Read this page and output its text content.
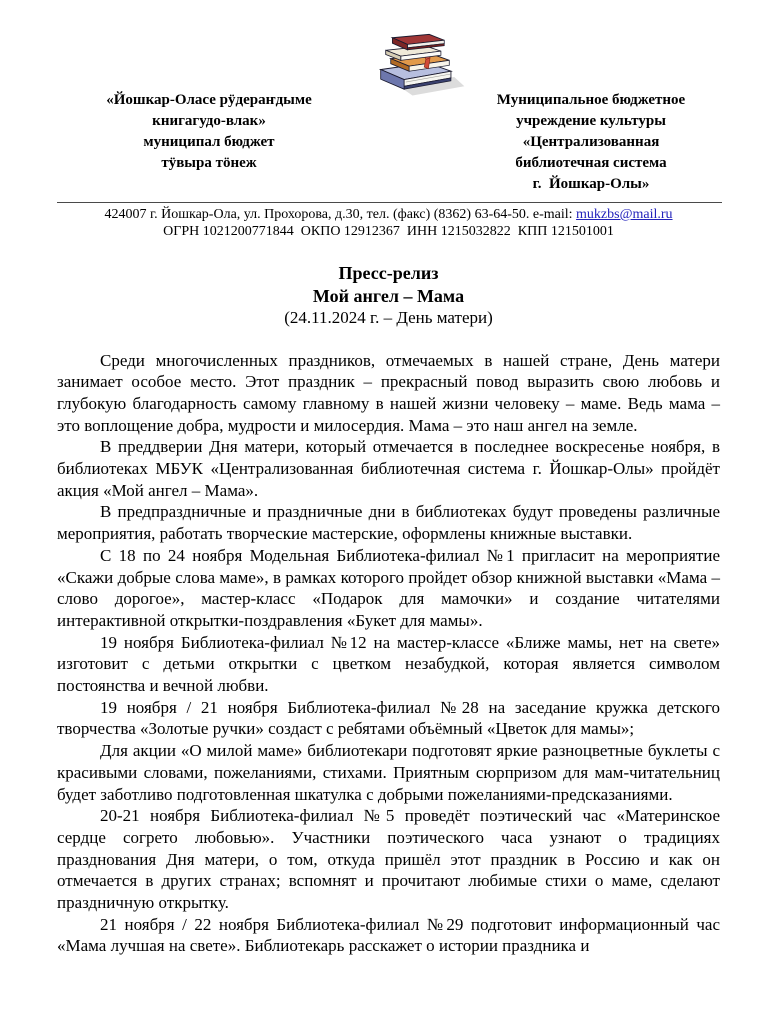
«Йошкар-Оласе рӱдераҥдыме
книгагудо-влак»
муниципал бюджет
тӱвыра тӧнеж
Муниципальное бюджетное
учреждение культуры
«Централизованная
библиотечная система
г.  Йошкар-Олы»
424007 г. Йошкар-Ола, ул. Прохорова, д.30, тел. (факс) (8362) 63-64-50. e-mail: mukzbs@mail.ru
ОГРН 1021200771844  ОКПО 12912367  ИНН 1215032822  КПП 121501001
Пресс-релиз
Мой ангел – Мама
(24.11.2024 г. – День матери)

Среди многочисленных праздников, отмечаемых в нашей стране, День матери занимает особое место. Этот праздник – прекрасный повод выразить свою любовь и глубокую благодарность самому главному в нашей жизни человеку – маме. Ведь мама – это воплощение добра, мудрости и милосердия. Мама – это наш ангел на земле.

В преддверии Дня матери, который отмечается в последнее воскресенье ноября, в библиотеках МБУК «Централизованная библиотечная система г. Йошкар-Олы» пройдёт акция «Мой ангел – Мама».

В предпраздничные и праздничные дни в библиотеках будут проведены различные мероприятия, работать творческие мастерские, оформлены книжные выставки.

С 18 по 24 ноября Модельная Библиотека-филиал №1 пригласит на мероприятие «Скажи добрые слова маме», в рамках которого пройдет обзор книжной выставки «Мама – слово дорогое», мастер-класс «Подарок для мамочки» и создание читателями интерактивной открытки-поздравления «Букет для мамы».

19 ноября Библиотека-филиал №12 на мастер-классе «Ближе мамы, нет на свете» изготовит с детьми открытки с цветком незабудкой, которая является символом постоянства и вечной любви.

19 ноября / 21 ноября Библиотека-филиал №28 на заседание кружка детского творчества «Золотые ручки» создаст с ребятами объёмный «Цветок для мамы»;

Для акции «О милой маме» библиотекари подготовят яркие разноцветные буклеты с красивыми словами, пожеланиями, стихами. Приятным сюрпризом для мам-читательниц будет заботливо подготовленная шкатулка с добрыми пожеланиями-предсказаниями.

20-21 ноября Библиотека-филиал №5 проведёт поэтический час «Материнское сердце согрето любовью». Участники поэтического часа узнают о традициях празднования Дня матери, о том, откуда пришёл этот праздник в Россию и как он отмечается в других странах; вспомнят и прочитают любимые стихи о маме, сделают праздничную открытку.

21 ноября / 22 ноября Библиотека-филиал №29 подготовит информационный час «Мама лучшая на свете». Библиотекарь расскажет о истории праздника и
